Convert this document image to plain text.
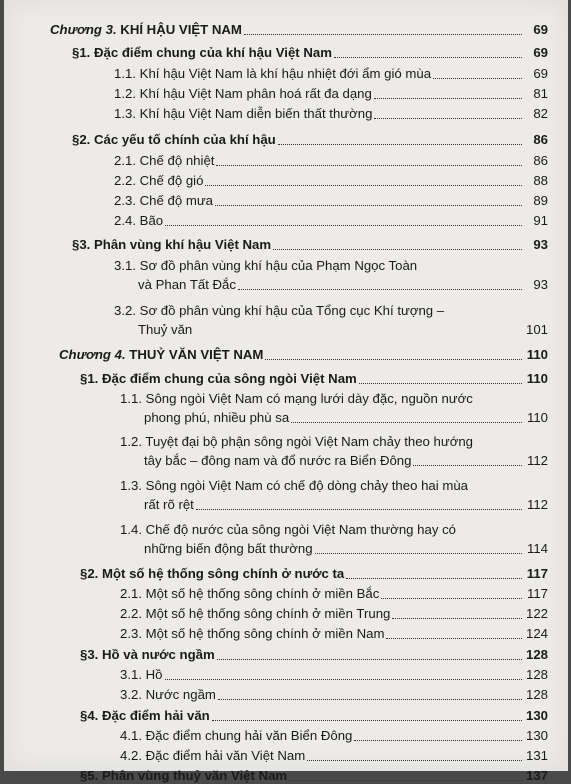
Chương 3. KHÍ HẬU VIỆT NAM	69
§1. Đặc điểm chung của khí hậu Việt Nam	69
1.1. Khí hậu Việt Nam là khí hậu nhiệt đới ẩm gió mùa	69
1.2. Khí hậu Việt Nam phân hoá rất đa dạng	81
1.3. Khí hậu Việt Nam diễn biến thất thường	82
§2. Các yếu tố chính của khí hậu	86
2.1. Chế độ nhiệt	86
2.2. Chế độ gió	88
2.3. Chế độ mưa	89
2.4. Bão	91
§3. Phân vùng khí hậu Việt Nam	93
3.1. Sơ đồ phân vùng khí hậu của Phạm Ngọc Toàn
và Phan Tất Đắc	93
3.2. Sơ đồ phân vùng khí hậu của Tổng cục Khí tượng –
Thuỷ văn	101
Chương 4. THUỶ VĂN VIỆT NAM	110
§1. Đặc điểm chung của sông ngòi Việt Nam	110
1.1. Sông ngòi Việt Nam có mạng lưới dày đặc, nguồn nước
phong phú, nhiều phù sa	110
1.2. Tuyệt đại bộ phận sông ngòi Việt Nam chảy theo hướng
tây bắc – đông nam và đổ nước ra Biển Đông	112
1.3. Sông ngòi Việt Nam có chế độ dòng chảy theo hai mùa
rất rõ rệt	112
1.4. Chế độ nước của sông ngòi Việt Nam thường hay có
những biến động bất thường	114
§2. Một số hệ thống sông chính ở nước ta	117
2.1. Một số hệ thống sông chính ở miền Bắc	117
2.2. Một số hệ thống sông chính ở miền Trung	122
2.3. Một số hệ thống sông chính ở miền Nam	124
§3. Hồ và nước ngầm	128
3.1. Hồ	128
3.2. Nước ngầm	128
§4. Đặc điểm hải văn	130
4.1. Đặc điểm chung hải văn Biển Đông	130
4.2. Đặc điểm hải văn Việt Nam	131
§5. Phân vùng thuỷ văn Việt Nam	137
